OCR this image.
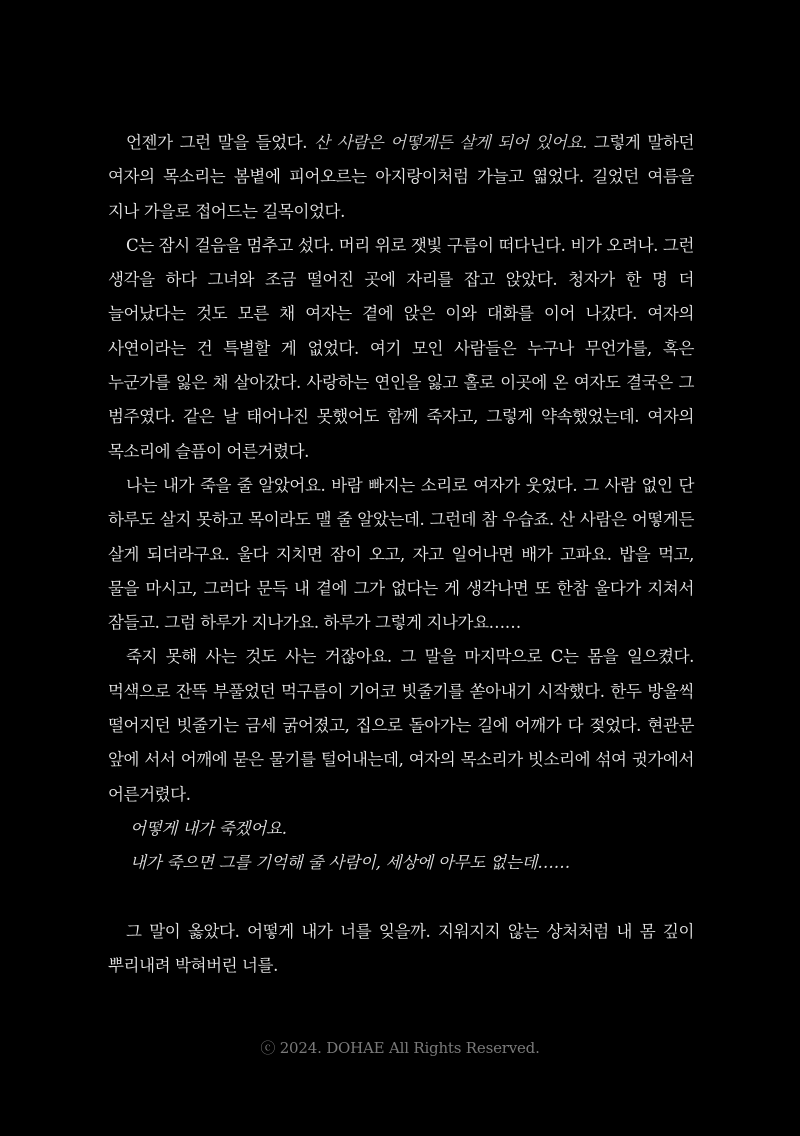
언젠가 그런 말을 들었다. 산 사람은 어떻게든 살게 되어 있어요. 그렇게 말하던 여자의 목소리는 봄볕에 피어오르는 아지랑이처럼 가늘고 엷었다. 길었던 여름을 지나 가을로 접어드는 길목이었다.

C는 잠시 걸음을 멈추고 섰다. 머리 위로 잿빛 구름이 떠다닌다. 비가 오려나. 그런 생각을 하다 그녀와 조금 떨어진 곳에 자리를 잡고 앉았다. 청자가 한 명 더 늘어났다는 것도 모른 채 여자는 곁에 앉은 이와 대화를 이어 나갔다. 여자의 사연이라는 건 특별할 게 없었다. 여기 모인 사람들은 누구나 무언가를, 혹은 누군가를 잃은 채 살아갔다. 사랑하는 연인을 잃고 홀로 이곳에 온 여자도 결국은 그 범주였다. 같은 날 태어나진 못했어도 함께 죽자고, 그렇게 약속했었는데. 여자의 목소리에 슬픔이 어른거렸다.

나는 내가 죽을 줄 알았어요. 바람 빠지는 소리로 여자가 웃었다. 그 사람 없인 단 하루도 살지 못하고 목이라도 맬 줄 알았는데. 그런데 참 우습죠. 산 사람은 어떻게든 살게 되더라구요. 울다 지치면 잠이 오고, 자고 일어나면 배가 고파요. 밥을 먹고, 물을 마시고, 그러다 문득 내 곁에 그가 없다는 게 생각나면 또 한참 울다가 지쳐서 잠들고. 그럼 하루가 지나가요. 하루가 그렇게 지나가요……

죽지 못해 사는 것도 사는 거잖아요. 그 말을 마지막으로 C는 몸을 일으켰다. 먹색으로 잔뜩 부풀었던 먹구름이 기어코 빗줄기를 쏟아내기 시작했다. 한두 방울씩 떨어지던 빗줄기는 금세 굵어졌고, 집으로 돌아가는 길에 어깨가 다 젖었다. 현관문 앞에 서서 어깨에 묻은 물기를 털어내는데, 여자의 목소리가 빗소리에 섞여 귓가에서 어른거렸다.

어떻게 내가 죽겠어요.

내가 죽으면 그를 기억해 줄 사람이, 세상에 아무도 없는데……

그 말이 옳았다. 어떻게 내가 너를 잊을까. 지워지지 않는 상처처럼 내 몸 깊이 뿌리내려 박혀버린 너를.

ⓒ 2024. DOHAE All Rights Reserved.
